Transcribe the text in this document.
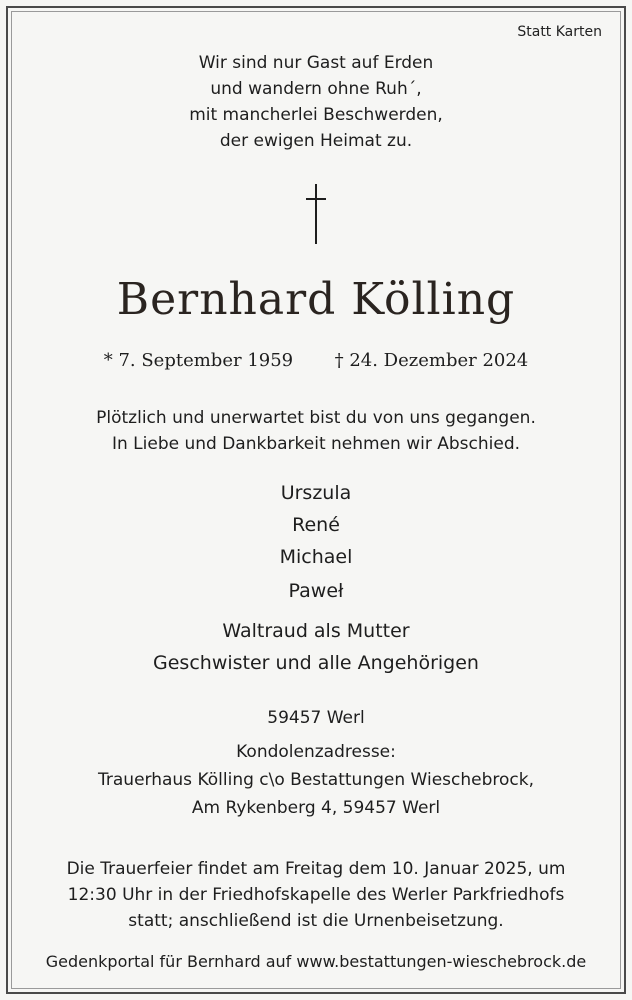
Statt Karten
Wir sind nur Gast auf Erden
und wandern ohne Ruh´,
mit mancherlei Beschwerden,
der ewigen Heimat zu.
Bernhard Kölling
* 7. September 1959 † 24. Dezember 2024
Plötzlich und unerwartet bist du von uns gegangen.
In Liebe und Dankbarkeit nehmen wir Abschied.
Urszula
René
Michael
Paweł
Waltraud als Mutter
Geschwister und alle Angehörigen
59457 Werl
Kondolenzadresse:
Trauerhaus Kölling c\o Bestattungen Wieschebrock,
Am Rykenberg 4, 59457 Werl
Die Trauerfeier findet am Freitag dem 10. Januar 2025, um
12:30 Uhr in der Friedhofskapelle des Werler Parkfriedhofs
statt; anschließend ist die Urnenbeisetzung.
Gedenkportal für Bernhard auf www.bestattungen-wieschebrock.de
